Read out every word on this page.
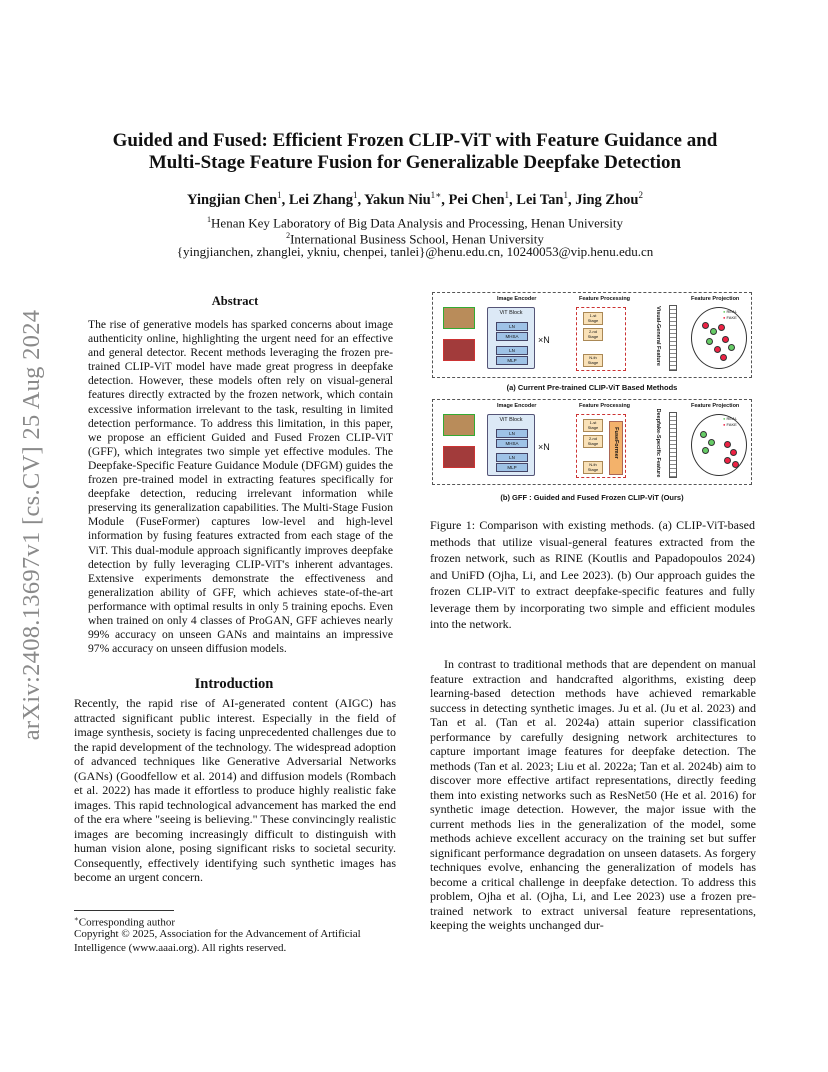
arXiv:2408.13697v1 [cs.CV] 25 Aug 2024
Guided and Fused: Efficient Frozen CLIP-ViT with Feature Guidance and
Multi-Stage Feature Fusion for Generalizable Deepfake Detection
Yingjian Chen$^1$, Lei Zhang$^1$, Yakun Niu$^{1∗}$, Pei Chen$^1$, Lei Tan$^1$, Jing Zhou$^2$
$^1$Henan Key Laboratory of Big Data Analysis and Processing, Henan University
$^2$International Business School, Henan University
{yingjianchen, zhanglei, ykniu, chenpei, tanlei}@henu.edu.cn, 10240053@vip.henu.edu.cn
Abstract
The rise of generative models has sparked concerns about image authenticity online, highlighting the urgent need for an effective and general detector. Recent methods leveraging the frozen pre-trained CLIP-ViT model have made great progress in deepfake detection. However, these models often rely on visual-general features directly extracted by the frozen network, which contain excessive information irrelevant to the task, resulting in limited detection performance. To address this limitation, in this paper, we propose an efficient Guided and Fused Frozen CLIP-ViT (GFF), which integrates two simple yet effective modules. The Deepfake-Specific Feature Guidance Module (DFGM) guides the frozen pre-trained model in extracting features specifically for deepfake detection, reducing irrelevant information while preserving its generalization capabilities. The Multi-Stage Fusion Module (FuseFormer) captures low-level and high-level information by fusing features extracted from each stage of the ViT. This dual-module approach significantly improves deepfake detection by fully leveraging CLIP-ViT's inherent advantages. Extensive experiments demonstrate the effectiveness and generalization ability of GFF, which achieves state-of-the-art performance with optimal results in only 5 training epochs. Even when trained on only 4 classes of ProGAN, GFF achieves nearly 99% accuracy on unseen GANs and maintains an impressive 97% accuracy on unseen diffusion models.
Introduction
Recently, the rapid rise of AI-generated content (AIGC) has attracted significant public interest. Especially in the field of image synthesis, society is facing unprecedented challenges due to the rapid development of the technology. The widespread adoption of advanced techniques like Generative Adversarial Networks (GANs) (Goodfellow et al. 2014) and diffusion models (Rombach et al. 2022) has made it effortless to produce highly realistic fake images. This rapid technological advancement has marked the end of the era where "seeing is believing." These convincingly realistic images are becoming increasingly difficult to distinguish with human vision alone, posing significant risks to societal security. Consequently, effectively identifying such synthetic images has become an urgent concern.
∗Corresponding author
Copyright © 2025, Association for the Advancement of Artificial Intelligence (www.aaai.org). All rights reserved.
Image Encoder	Feature Processing	Feature Projection
ViT Block
LN
MHSA
LN
MLP
×N
1-st Stage
2-nd Stage
N-th Stage	Visual-General Feature	● REAL
● FAKE
(a) Current Pre-trained CLIP-ViT Based Methods
Image Encoder	Feature Processing	Feature Projection
ViT Block
LN
MHSA
LN
MLP
×N
1-st Stage
2-nd Stage
N-th Stage
FuseFormer	Deepfake-Specific Feature	● REAL
● FAKE
(b) GFF : Guided and Fused Frozen CLIP-ViT (Ours)
Figure 1: Comparison with existing methods. (a) CLIP-ViT-based methods that utilize visual-general features extracted from the frozen network, such as RINE (Koutlis and Papadopoulos 2024) and UniFD (Ojha, Li, and Lee 2023). (b) Our approach guides the frozen CLIP-ViT to extract deepfake-specific features and fully leverage them by incorporating two simple and efficient modules into the network.
In contrast to traditional methods that are dependent on manual feature extraction and handcrafted algorithms, existing deep learning-based detection methods have achieved remarkable success in detecting synthetic images. Ju et al. (Ju et al. 2023) and Tan et al. (Tan et al. 2024a) attain superior classification performance by carefully designing network architectures to capture important image features for deepfake detection. The methods (Tan et al. 2023; Liu et al. 2022a; Tan et al. 2024b) aim to discover more effective artifact representations, directly feeding them into existing networks such as ResNet50 (He et al. 2016) for synthetic image detection. However, the major issue with the current methods lies in the generalization of the model, some methods achieve excellent accuracy on the training set but suffer significant performance degradation on unseen datasets. As forgery techniques evolve, enhancing the generalization of models has become a critical challenge in deepfake detection. To address this problem, Ojha et al. (Ojha, Li, and Lee 2023) use a frozen pre-trained network to extract universal feature representations, keeping the weights unchanged dur-
